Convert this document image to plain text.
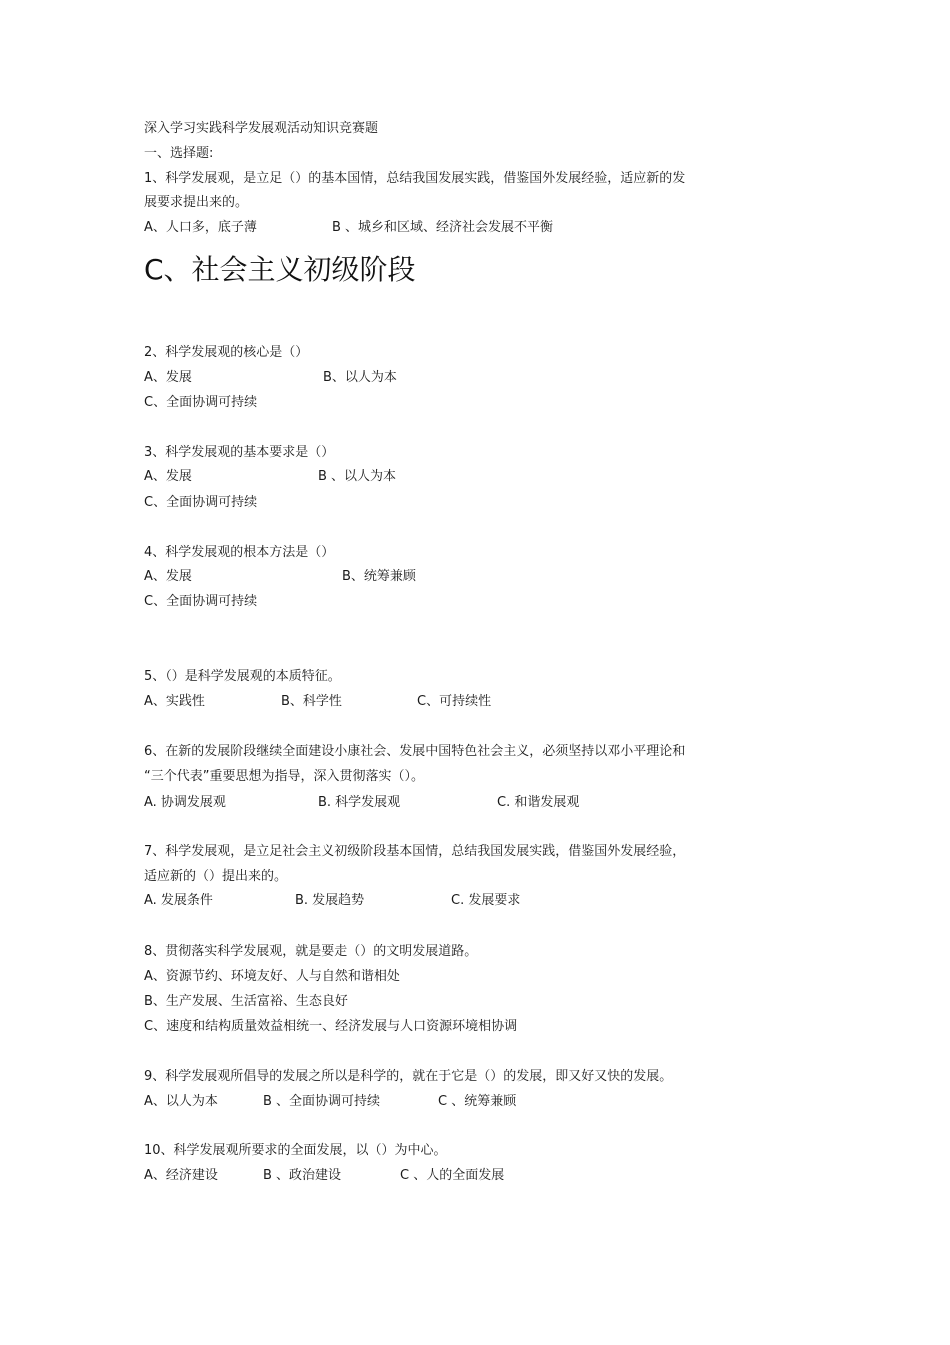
深入学习实践科学发展观活动知识竞赛题
一、选择题:
1、科学发展观，是立足（）的基本国情，总结我国发展实践，借鉴国外发展经验，适应新的发
展要求提出来的。
A、人口多，底子薄	B 、城乡和区域、经济社会发展不平衡
C、社会主义初级阶段
2、科学发展观的核心是（）
A、发展	B、以人为本
C、全面协调可持续
3、科学发展观的基本要求是（）
A、发展	B 、以人为本
C、全面协调可持续
4、科学发展观的根本方法是（）
A、发展	B、统筹兼顾
C、全面协调可持续
5、（）是科学发展观的本质特征。
A、实践性	B、科学性	C、可持续性
6、在新的发展阶段继续全面建设小康社会、发展中国特色社会主义，必须坚持以邓小平理论和
“三个代表”重要思想为指导，深入贯彻落实（）。
A. 协调发展观	B. 科学发展观	C. 和谐发展观
7、科学发展观，是立足社会主义初级阶段基本国情，总结我国发展实践，借鉴国外发展经验，
适应新的（）提出来的。
A. 发展条件	B. 发展趋势	C. 发展要求
8、贯彻落实科学发展观，就是要走（）的文明发展道路。
A、资源节约、环境友好、人与自然和谐相处
B、生产发展、生活富裕、生态良好
C、速度和结构质量效益相统一、经济发展与人口资源环境相协调
9、科学发展观所倡导的发展之所以是科学的，就在于它是（）的发展，即又好又快的发展。
A、以人为本	B 、全面协调可持续	C 、统筹兼顾
10、科学发展观所要求的全面发展，以（）为中心。
A、经济建设	B 、政治建设	C 、人的全面发展
